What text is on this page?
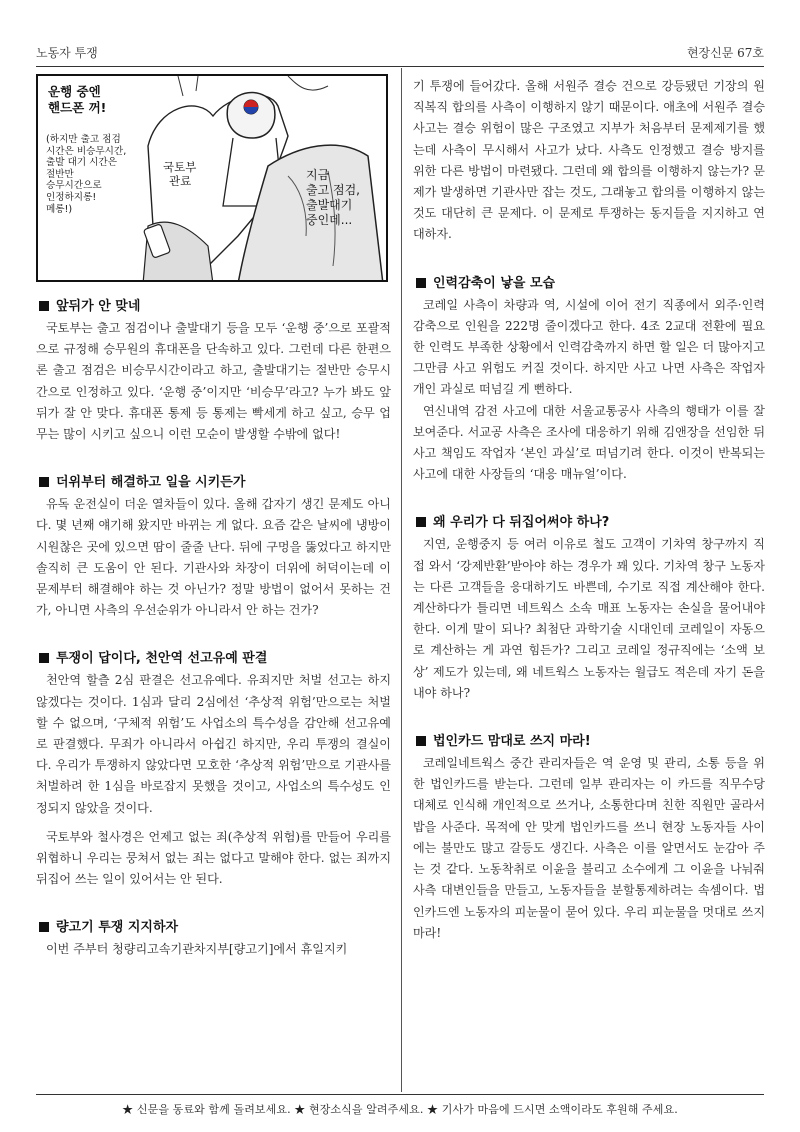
노동자 투쟁	현장신문 67호
운행 중엔
핸드폰 꺼!
(하지만 출고 점검
시간은 비승무시간,
출발 대기 시간은
절반만
승무시간으로
인정하지롱!
메롱!)
국토부
관료	지금
출고 점검,
출발대기
중인데...
앞뒤가 안 맞네

국토부는 출고 점검이나 출발대기 등을 모두 ‘운행 중’으로 포괄적으로 규정해 승무원의 휴대폰을 단속하고 있다. 그런데 다른 한편으론 출고 점검은 비승무시간이라고 하고, 출발대기는 절반만 승무시간으로 인정하고 있다. ‘운행 중’이지만 ‘비승무’라고? 누가 봐도 앞뒤가 잘 안 맞다. 휴대폰 통제 등 통제는 빡세게 하고 싶고, 승무 업무는 많이 시키고 싶으니 이런 모순이 발생할 수밖에 없다!

더위부터 해결하고 일을 시키든가

유독 운전실이 더운 열차들이 있다. 올해 갑자기 생긴 문제도 아니다. 몇 년째 얘기해 왔지만 바뀌는 게 없다. 요즘 같은 날씨에 냉방이 시원찮은 곳에 있으면 땀이 줄줄 난다. 뒤에 구멍을 뚫었다고 하지만 솔직히 큰 도움이 안 된다. 기관사와 차장이 더위에 허덕이는데 이 문제부터 해결해야 하는 것 아닌가? 정말 방법이 없어서 못하는 건가, 아니면 사측의 우선순위가 아니라서 안 하는 건가?

투쟁이 답이다, 천안역 선고유예 판결

천안역 할츨 2심 판결은 선고유예다. 유죄지만 처벌 선고는 하지 않겠다는 것이다. 1심과 달리 2심에선 ‘추상적 위험’만으로는 처벌할 수 없으며, ‘구체적 위험’도 사업소의 특수성을 감안해 선고유예로 판결했다. 무죄가 아니라서 아쉽긴 하지만, 우리 투쟁의 결실이다. 우리가 투쟁하지 않았다면 모호한 ‘추상적 위험’만으로 기관사를 처벌하려 한 1심을 바로잡지 못했을 것이고, 사업소의 특수성도 인정되지 않았을 것이다.

국토부와 철사경은 언제고 없는 죄(추상적 위험)를 만들어 우리를 위협하니 우리는 뭉쳐서 없는 죄는 없다고 말해야 한다. 없는 죄까지 뒤집어 쓰는 일이 있어서는 안 된다.

량고기 투쟁 지지하자

이번 주부터 청량리고속기관차지부[량고기]에서 휴일지키

기 투쟁에 들어갔다. 올해 서원주 결승 건으로 강등됐던 기장의 원직복직 합의를 사측이 이행하지 않기 때문이다. 애초에 서원주 결승 사고는 결승 위험이 많은 구조였고 지부가 처음부터 문제제기를 했는데 사측이 무시해서 사고가 났다. 사측도 인정했고 결승 방지를 위한 다른 방법이 마련됐다. 그런데 왜 합의를 이행하지 않는가? 문제가 발생하면 기관사만 잡는 것도, 그래놓고 합의를 이행하지 않는 것도 대단히 큰 문제다. 이 문제로 투쟁하는 동지들을 지지하고 연대하자.

인력감축이 낳을 모습

코레일 사측이 차량과 역, 시설에 이어 전기 직종에서 외주·인력감축으로 인원을 222명 줄이겠다고 한다. 4조 2교대 전환에 필요한 인력도 부족한 상황에서 인력감축까지 하면 할 일은 더 많아지고 그만큼 사고 위험도 커질 것이다. 하지만 사고 나면 사측은 작업자 개인 과실로 떠넘길 게 뻔하다.

연신내역 감전 사고에 대한 서울교통공사 사측의 행태가 이를 잘 보여준다. 서교공 사측은 조사에 대응하기 위해 김앤장을 선임한 뒤 사고 책임도 작업자 ‘본인 과실’로 떠넘기려 한다. 이것이 반복되는 사고에 대한 사장들의 ‘대응 매뉴얼’이다.

왜 우리가 다 뒤집어써야 하나?

지연, 운행중지 등 여러 이유로 철도 고객이 기차역 창구까지 직접 와서 ‘강제반환’받아야 하는 경우가 꽤 있다. 기차역 창구 노동자는 다른 고객들을 응대하기도 바쁜데, 수기로 직접 계산해야 한다. 계산하다가 틀리면 네트웍스 소속 매표 노동자는 손실을 물어내야 한다. 이게 말이 되나? 최첨단 과학기술 시대인데 코레일이 자동으로 계산하는 게 과연 힘든가? 그리고 코레일 정규직에는 ‘소액 보상’ 제도가 있는데, 왜 네트웍스 노동자는 월급도 적은데 자기 돈을 내야 하나?

법인카드 맘대로 쓰지 마라!

코레일네트웍스 중간 관리자들은 역 운영 및 관리, 소통 등을 위한 법인카드를 받는다. 그런데 일부 관리자는 이 카드를 직무수당 대체로 인식해 개인적으로 쓰거나, 소통한다며 친한 직원만 골라서 밥을 사준다. 목적에 안 맞게 법인카드를 쓰니 현장 노동자들 사이에는 불만도 많고 갈등도 생긴다. 사측은 이를 알면서도 눈감아 주는 것 같다. 노동착취로 이윤을 불리고 소수에게 그 이윤을 나눠줘 사측 대변인들을 만들고, 노동자들을 분할통제하려는 속셈이다. 법인카드엔 노동자의 피눈물이 묻어 있다. 우리 피눈물을 멋대로 쓰지 마라!

★ 신문을 동료와 함께 돌려보세요. ★ 현장소식을 알려주세요. ★ 기사가 마음에 드시면 소액이라도 후원해 주세요.
